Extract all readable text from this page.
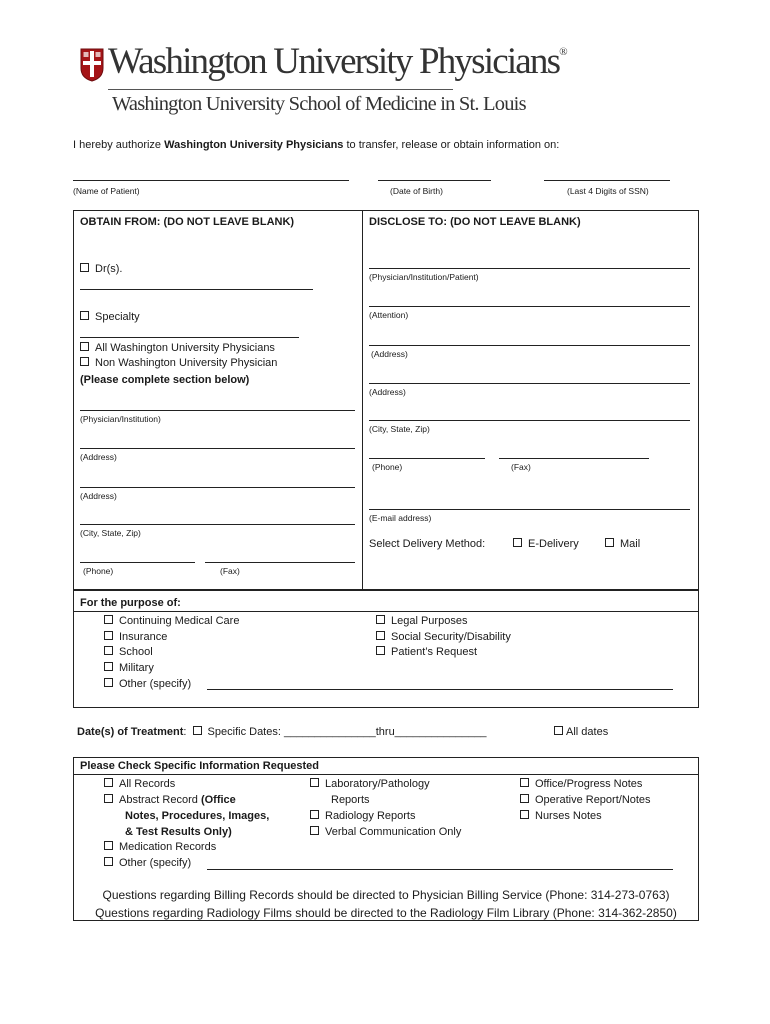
Washington University Physicians®
Washington University School of Medicine in St. Louis
I hereby authorize Washington University Physicians to transfer, release or obtain information on:
(Name of Patient)	(Date of Birth)	(Last 4 Digits of SSN)
OBTAIN FROM: (DO NOT LEAVE BLANK)
Dr(s).
Specialty
All Washington University Physicians
Non Washington University Physician
(Please complete section below)
(Physician/Institution)
(Address)
(Address)
(City, State, Zip)
(Phone)	(Fax)
DISCLOSE TO: (DO NOT LEAVE BLANK)
(Physician/Institution/Patient)
(Attention)
(Address)
(Address)
(City, State, Zip)
(Phone)	(Fax)
(E-mail address)
Select Delivery Method:	E-Delivery	Mail
For the purpose of:
Continuing Medical Care
Insurance
School
Military
Other (specify)
Legal Purposes
Social Security/Disability
Patient’s Request
Date(s) of Treatment: Specific Dates: _______________thru_______________	All dates
Please Check Specific Information Requested
All Records
Abstract Record (Office
Notes, Procedures, Images,
& Test Results Only)
Medication Records
Other (specify)
Laboratory/Pathology
Reports
Radiology Reports
Verbal Communication Only
Office/Progress Notes
Operative Report/Notes
Nurses Notes
Questions regarding Billing Records should be directed to Physician Billing Service (Phone: 314-273-0763)
Questions regarding Radiology Films should be directed to the Radiology Film Library (Phone: 314-362-2850)
